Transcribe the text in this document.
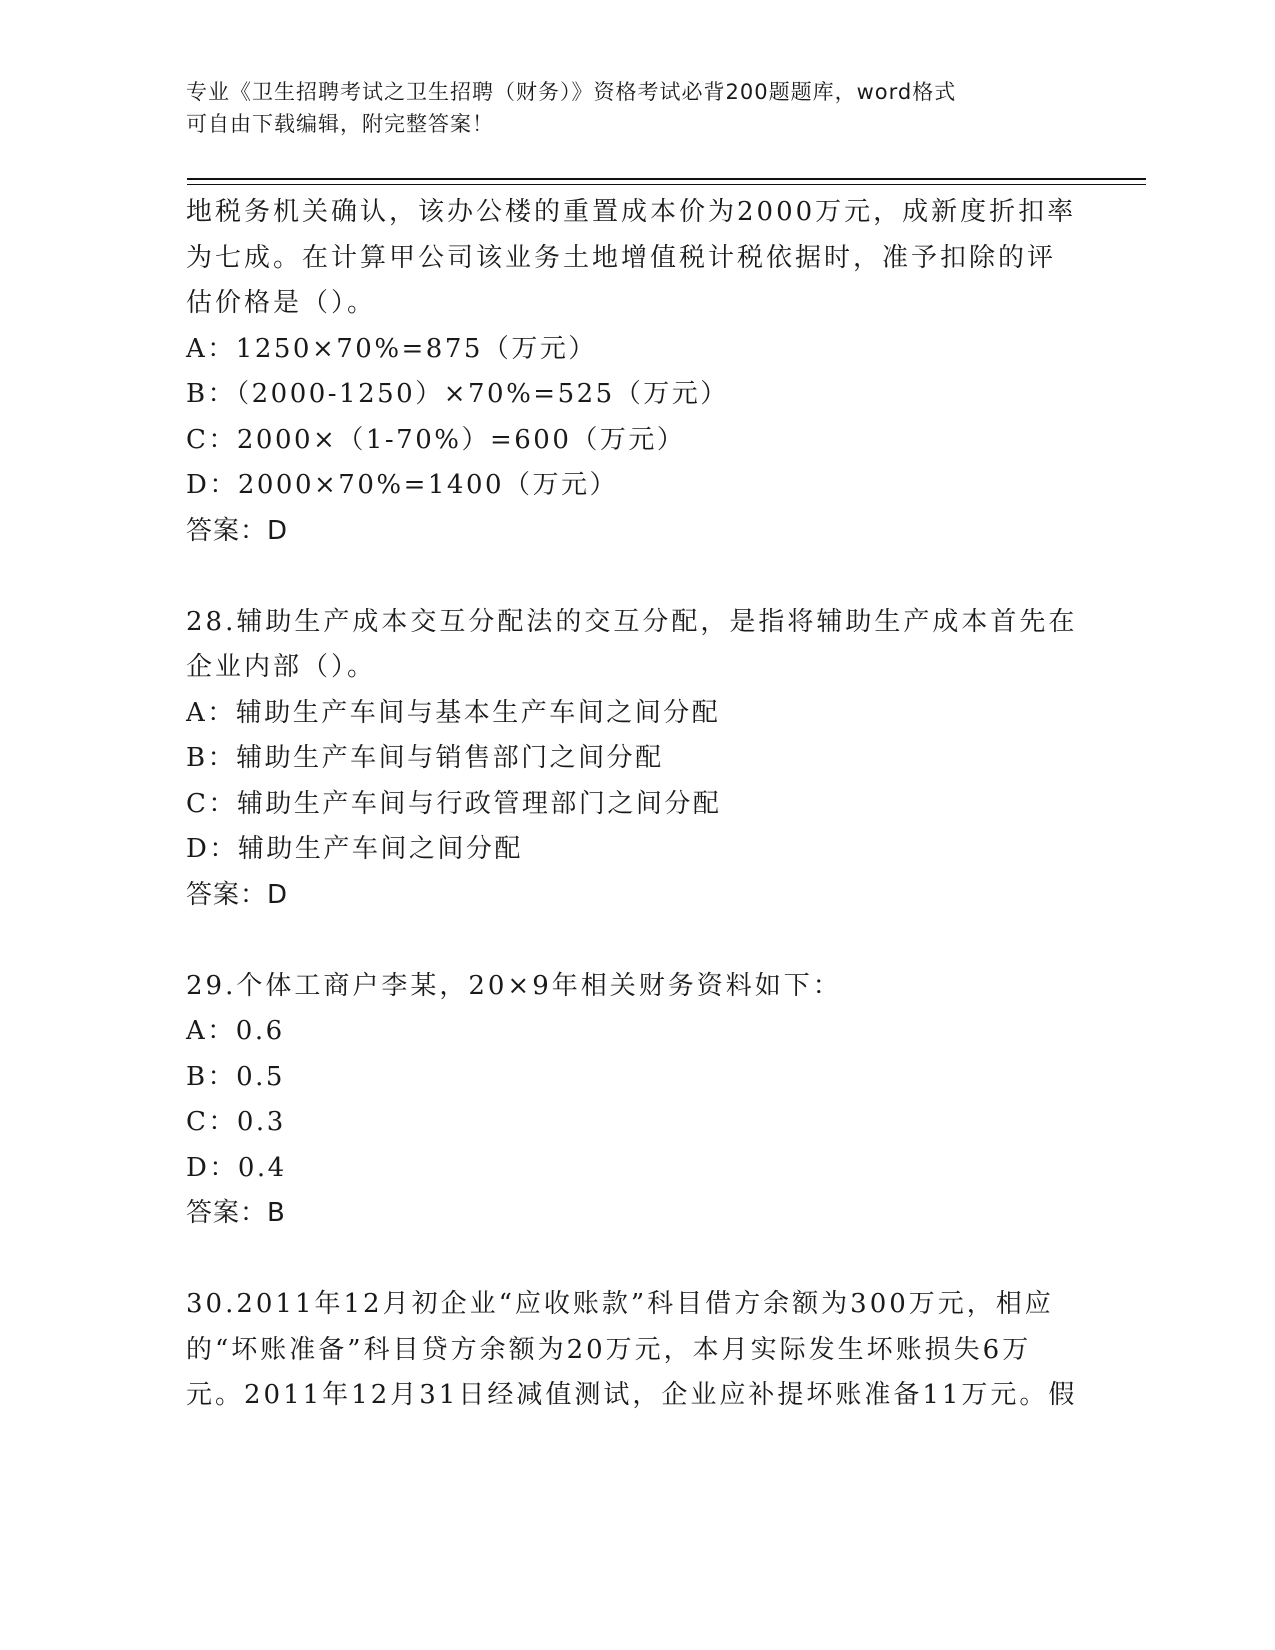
专业《卫生招聘考试之卫生招聘（财务）》资格考试必背200题题库，word格式
可自由下载编辑，附完整答案！
地税务机关确认，该办公楼的重置成本价为2000万元，成新度折扣率
为七成。在计算甲公司该业务土地增值税计税依据时，准予扣除的评
估价格是（）。
A：1250×70%=875（万元）
B：（2000-1250）×70%=525（万元）
C：2000×（1-70%）=600（万元）
D：2000×70%=1400（万元）
答案：D
28.辅助生产成本交互分配法的交互分配，是指将辅助生产成本首先在
企业内部（）。
A：辅助生产车间与基本生产车间之间分配
B：辅助生产车间与销售部门之间分配
C：辅助生产车间与行政管理部门之间分配
D：辅助生产车间之间分配
答案：D
29.个体工商户李某，20×9年相关财务资料如下：
A：0.6
B：0.5
C：0.3
D：0.4
答案：B
30.2011年12月初企业“应收账款”科目借方余额为300万元，相应
的“坏账准备”科目贷方余额为20万元，本月实际发生坏账损失6万
元。2011年12月31日经减值测试，企业应补提坏账准备11万元。假
